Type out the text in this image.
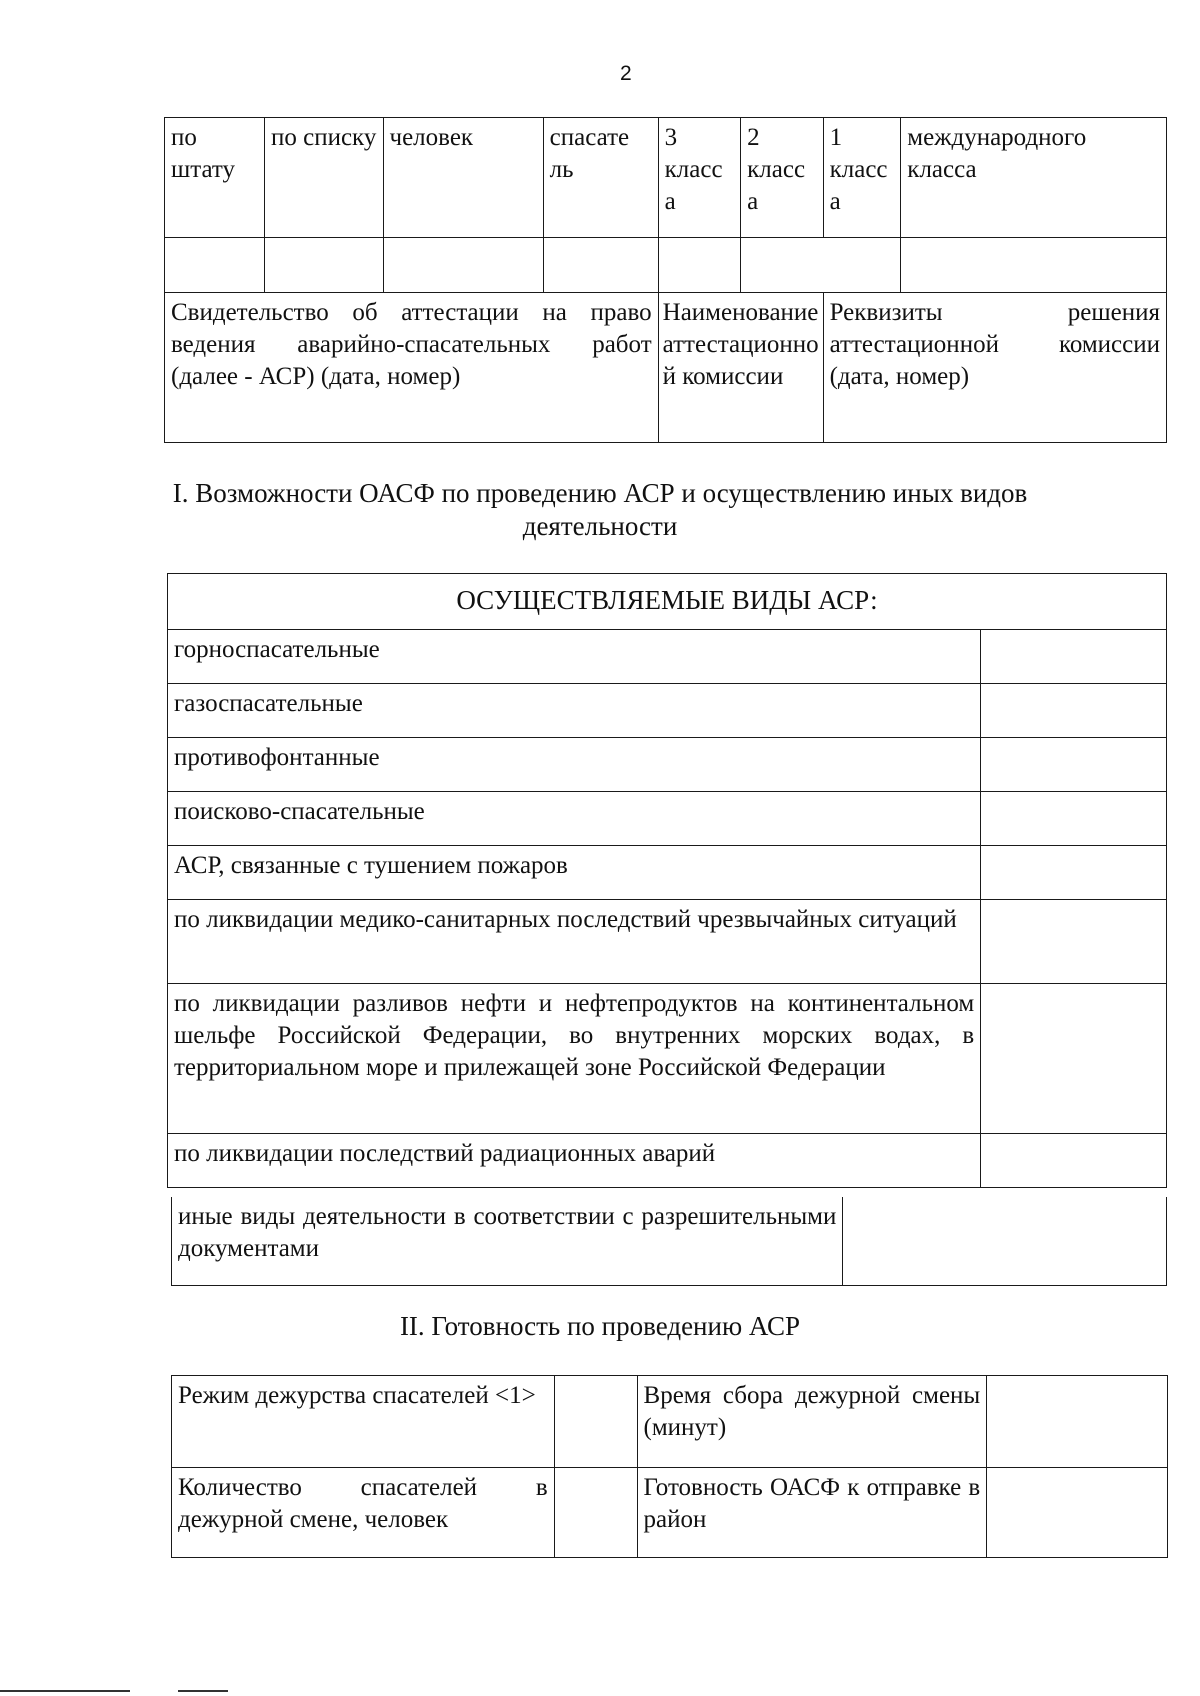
2
по штату	по списку	человек	спасате ль	3 класс а	2 класс а	1 класс а	международного класса

Свидетельство об аттестации на право ведения аварийно-спасательных работ (далее - АСР) (дата, номер)				Наименование аттестационно й комиссии		Реквизиты решения аттестационной комиссии (дата, номер)	
I. Возможности ОАСФ по проведению АСР и осуществлению иных видов деятельности
ОСУЩЕСТВЛЯЕМЫЕ ВИДЫ АСР:	
горноспасательные	
газоспасательные	
противофонтанные	
поисково-спасательные	
АСР, связанные с тушением пожаров	
по ликвидации медико-санитарных последствий чрезвычайных ситуаций	
по ликвидации разливов нефти и нефтепродуктов на континентальном шельфе Российской Федерации, во внутренних морских водах, в территориальном море и прилежащей зоне Российской Федерации	
по ликвидации последствий радиационных аварий	
иные виды деятельности в соответствии с разрешительными документами	
II. Готовность по проведению АСР
Режим дежурства спасателей <1>		Время сбора дежурной смены (минут)	
Количество спасателей в дежурной смене, человек		Готовность ОАСФ к отправке в район	
